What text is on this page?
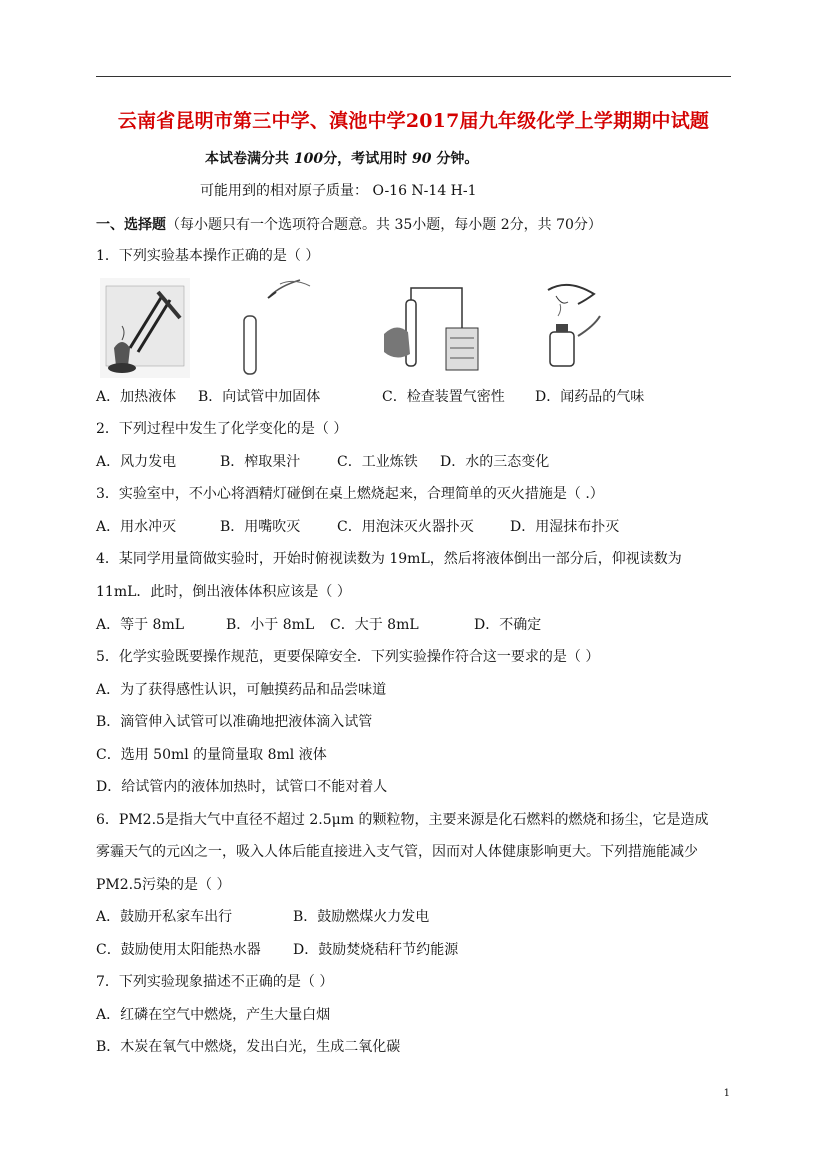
云南省昆明市第三中学、滇池中学2017届九年级化学上学期期中试题
本试卷满分共 100分，考试用时 90 分钟。
可能用到的相对原子质量： O-16 N-14 H-1
一、选择题（每小题只有一个选项符合题意。共 35小题，每小题 2分，共 70分）
1．下列实验基本操作正确的是（ ）
A．加热液体 B．向试管中加固体	C．检查装置气密性 D．闻药品的气味
2．下列过程中发生了化学变化的是（ ）
A．风力发电	B．榨取果汁	C．工业炼铁 D．水的三态变化
3．实验室中，不小心将酒精灯碰倒在桌上燃烧起来，合理简单的灭火措施是（ .）
A．用水冲灭	B．用嘴吹灭	C．用泡沫灭火器扑灭	D．用湿抹布扑灭
4．某同学用量筒做实验时，开始时俯视读数为 19mL，然后将液体倒出一部分后，仰视读数为
11mL．此时，倒出液体体积应该是（ ）
A．等于 8mL	B．小于 8mL C．大于 8mL	D．不确定
5．化学实验既要操作规范，更要保障安全．下列实验操作符合这一要求的是（ ）
A．为了获得感性认识，可触摸药品和品尝味道
B．滴管伸入试管可以准确地把液体滴入试管
C．选用 50ml 的量筒量取 8ml 液体
D．给试管内的液体加热时，试管口不能对着人
6．PM2.5是指大气中直径不超过 2.5μm 的颗粒物，主要来源是化石燃料的燃烧和扬尘，它是造成
雾霾天气的元凶之一，吸入人体后能直接进入支气管，因而对人体健康影响更大。下列措施能减少
PM2.5污染的是（ ）
A．鼓励开私家车出行	B．鼓励燃煤火力发电
C．鼓励使用太阳能热水器 D．鼓励焚烧秸秆节约能源
7．下列实验现象描述不正确的是（ ）
A．红磷在空气中燃烧，产生大量白烟
B．木炭在氧气中燃烧，发出白光，生成二氧化碳
1
